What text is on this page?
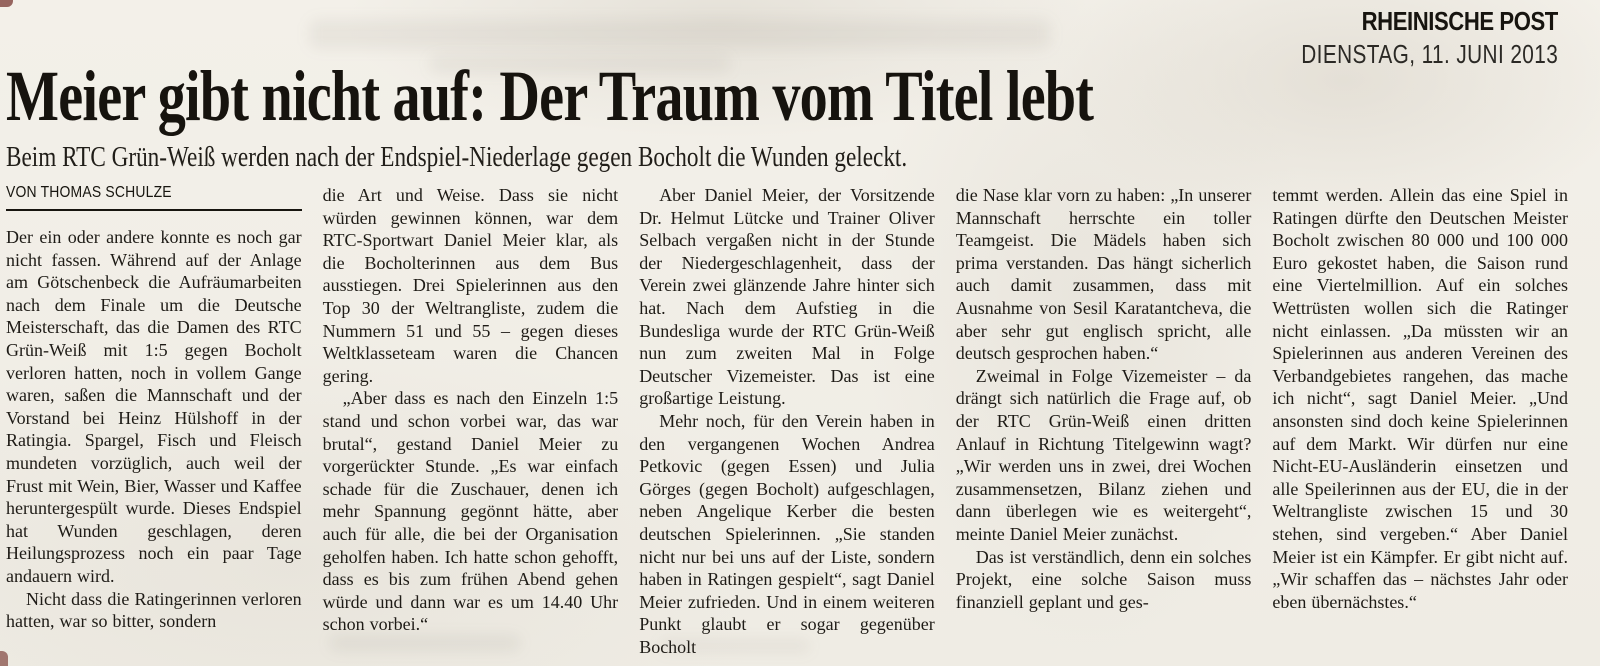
RHEINISCHE POST
DIENSTAG, 11. JUNI 2013
Meier gibt nicht auf: Der Traum vom Titel lebt
Beim RTC Grün-Weiß werden nach der Endspiel-Niederlage gegen Bocholt die Wunden geleckt.
VON THOMAS SCHULZE

Der ein oder andere konnte es noch gar nicht fassen. Während auf der Anlage am Götschenbeck die Aufräumarbeiten nach dem Finale um die Deutsche Meisterschaft, das die Damen des RTC Grün-Weiß mit 1:5 gegen Bocholt verloren hatten, noch in vollem Gange waren, saßen die Mannschaft und der Vorstand bei Heinz Hülshoff in der Ratingia. Spargel, Fisch und Fleisch mundeten vorzüglich, auch weil der Frust mit Wein, Bier, Wasser und Kaffee heruntergespült wurde. Dieses Endspiel hat Wunden geschlagen, deren Heilungsprozess noch ein paar Tage andauern wird.

Nicht dass die Ratingerinnen verloren hatten, war so bitter, sondern

die Art und Weise. Dass sie nicht würden gewinnen können, war dem RTC-Sportwart Daniel Meier klar, als die Bocholterinnen aus dem Bus ausstiegen. Drei Spielerinnen aus den Top 30 der Weltrangliste, zudem die Nummern 51 und 55 – gegen dieses Weltklasseteam waren die Chancen gering.

„Aber dass es nach den Einzeln 1:5 stand und schon vorbei war, das war brutal“, gestand Daniel Meier zu vorgerückter Stunde. „Es war einfach schade für die Zuschauer, denen ich mehr Spannung gegönnt hätte, aber auch für alle, die bei der Organisation geholfen haben. Ich hatte schon gehofft, dass es bis zum frühen Abend gehen würde und dann war es um 14.40 Uhr schon vorbei.“

Aber Daniel Meier, der Vorsitzende Dr. Helmut Lütcke und Trainer Oliver Selbach vergaßen nicht in der Stunde der Niedergeschlagenheit, dass der Verein zwei glänzende Jahre hinter sich hat. Nach dem Aufstieg in die Bundesliga wurde der RTC Grün-Weiß nun zum zweiten Mal in Folge Deutscher Vizemeister. Das ist eine großartige Leistung.

Mehr noch, für den Verein haben in den vergangenen Wochen Andrea Petkovic (gegen Essen) und Julia Görges (gegen Bocholt) aufgeschlagen, neben Angelique Kerber die besten deutschen Spielerinnen. „Sie standen nicht nur bei uns auf der Liste, sondern haben in Ratingen gespielt“, sagt Daniel Meier zufrieden. Und in einem weiteren Punkt glaubt er sogar gegenüber Bocholt

die Nase klar vorn zu haben: „In unserer Mannschaft herrschte ein toller Teamgeist. Die Mädels haben sich prima verstanden. Das hängt sicherlich auch damit zusammen, dass mit Ausnahme von Sesil Karatantcheva, die aber sehr gut englisch spricht, alle deutsch gesprochen haben.“

Zweimal in Folge Vizemeister – da drängt sich natürlich die Frage auf, ob der RTC Grün-Weiß einen dritten Anlauf in Richtung Titelgewinn wagt? „Wir werden uns in zwei, drei Wochen zusammensetzen, Bilanz ziehen und dann überlegen wie es weitergeht“, meinte Daniel Meier zunächst.

Das ist verständlich, denn ein solches Projekt, eine solche Saison muss finanziell geplant und ges-

temmt werden. Allein das eine Spiel in Ratingen dürfte den Deutschen Meister Bocholt zwischen 80 000 und 100 000 Euro gekostet haben, die Saison rund eine Viertelmillion. Auf ein solches Wettrüsten wollen sich die Ratinger nicht einlassen. „Da müssten wir an Spielerinnen aus anderen Vereinen des Verbandgebietes rangehen, das mache ich nicht“, sagt Daniel Meier. „Und ansonsten sind doch keine Spielerinnen auf dem Markt. Wir dürfen nur eine Nicht-EU-Ausländerin einsetzen und alle Speilerinnen aus der EU, die in der Weltrangliste zwischen 15 und 30 stehen, sind vergeben.“ Aber Daniel Meier ist ein Kämpfer. Er gibt nicht auf. „Wir schaffen das – nächstes Jahr oder eben übernächstes.“
